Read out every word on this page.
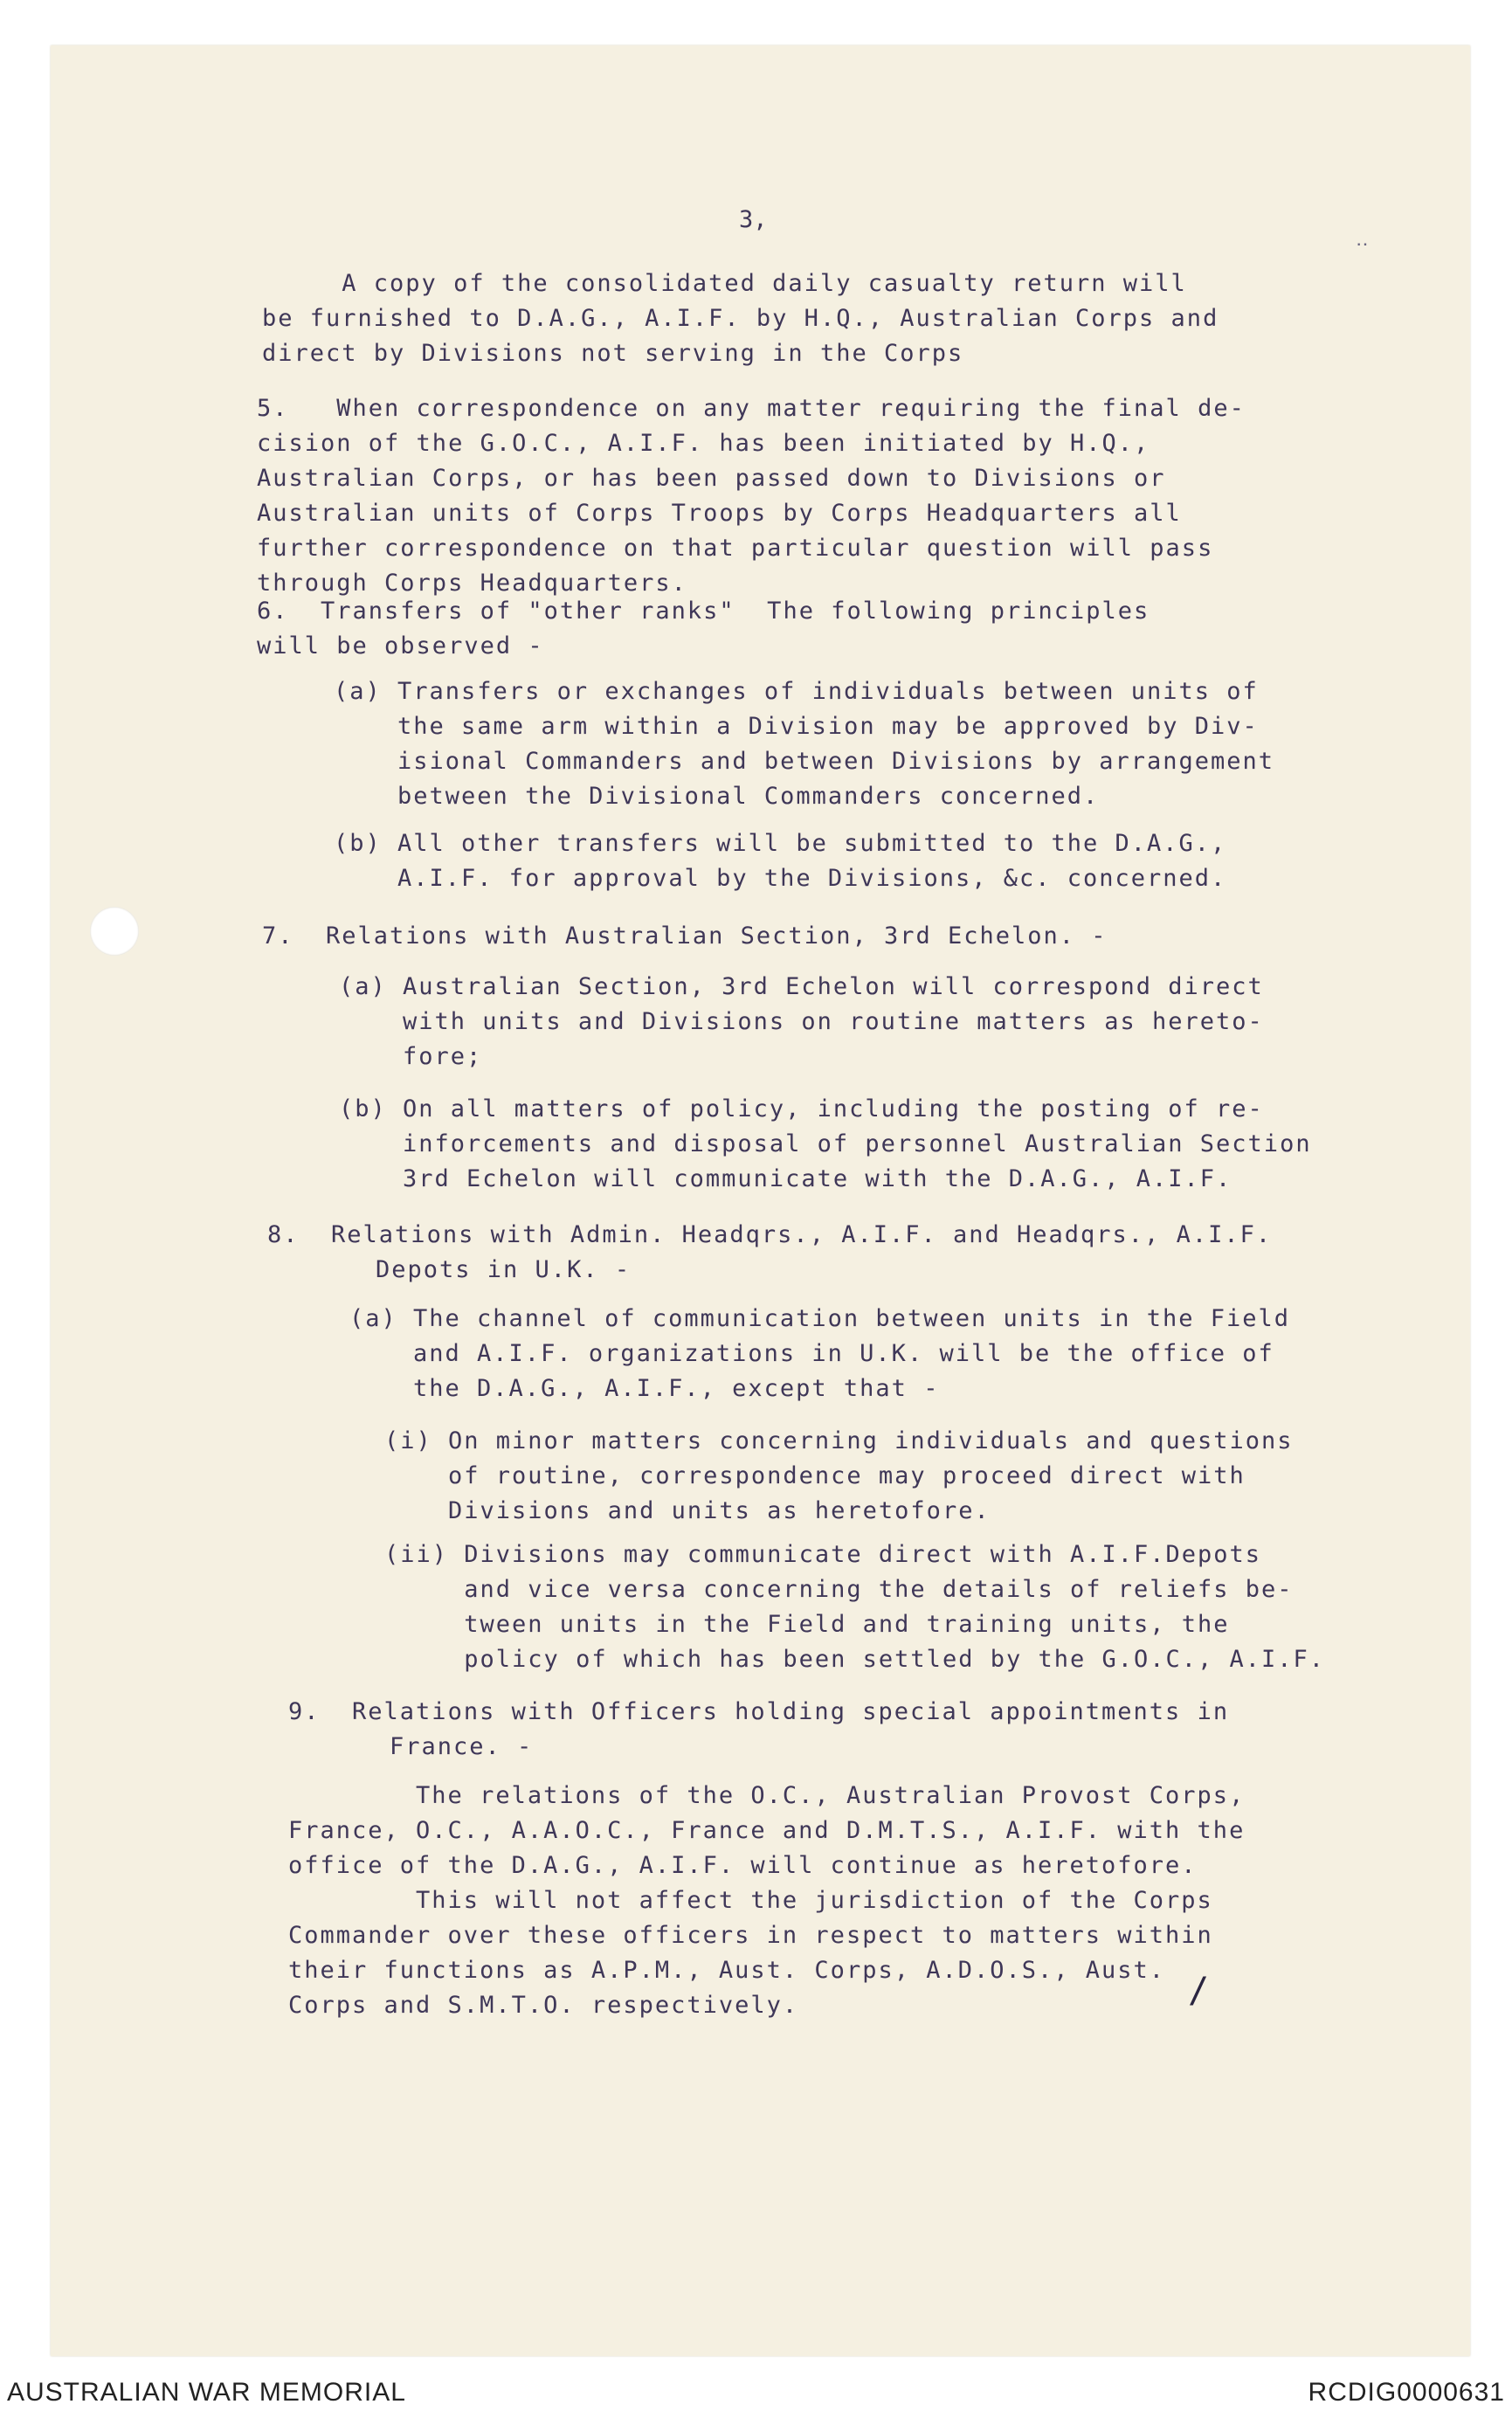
3,
‥
A copy of the consolidated daily casualty return will
be furnished to D.A.G., A.I.F. by H.Q., Australian Corps and
direct by Divisions not serving in the Corps
5.   When correspondence on any matter requiring the final de-
cision of the G.O.C., A.I.F. has been initiated by H.Q.,
Australian Corps, or has been passed down to Divisions or
Australian units of Corps Troops by Corps Headquarters all
further correspondence on that particular question will pass
through Corps Headquarters.
6. Transfers of "other ranks"  The following principles
will be observed -
(a) Transfers or exchanges of individuals between units of
the same arm within a Division may be approved by Div-
isional Commanders and between Divisions by arrangement
between the Divisional Commanders concerned.
(b) All other transfers will be submitted to the D.A.G.,
A.I.F. for approval by the Divisions, &c. concerned.
7. Relations with Australian Section, 3rd Echelon. -
(a) Australian Section, 3rd Echelon will correspond direct
with units and Divisions on routine matters as hereto-
fore;
(b) On all matters of policy, including the posting of re-
inforcements and disposal of personnel Australian Section
3rd Echelon will communicate with the D.A.G., A.I.F.
8. Relations with Admin. Headqrs., A.I.F. and Headqrs., A.I.F.
Depots in U.K. -
(a) The channel of communication between units in the Field
and A.I.F. organizations in U.K. will be the office of
the D.A.G., A.I.F., except that -
(i) On minor matters concerning individuals and questions
of routine, correspondence may proceed direct with
Divisions and units as heretofore.
(ii) Divisions may communicate direct with A.I.F.Depots
and vice versa concerning the details of reliefs be-
tween units in the Field and training units, the
policy of which has been settled by the G.O.C., A.I.F.
9. Relations with Officers holding special appointments in
France. -
The relations of the O.C., Australian Provost Corps,
France, O.C., A.A.O.C., France and D.M.T.S., A.I.F. with the
office of the D.A.G., A.I.F. will continue as heretofore.
This will not affect the jurisdiction of the Corps
Commander over these officers in respect to matters within
their functions as A.P.M., Aust. Corps, A.D.O.S., Aust.
Corps and S.M.T.O. respectively.	/
AUSTRALIAN WAR MEMORIAL	RCDIG0000631
